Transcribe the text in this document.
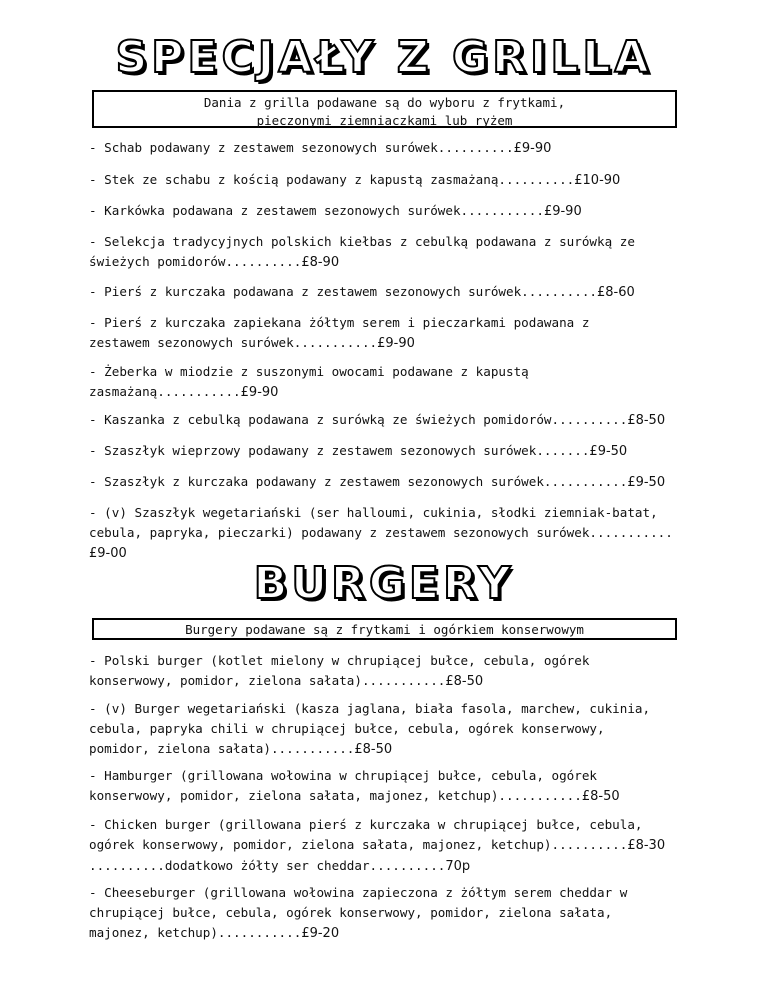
SPECJAŁY Z GRILLA
Dania z grilla podawane są do wyboru z frytkami,
pieczonymi ziemniaczkami lub ryżem
- Schab podawany z zestawem sezonowych surówek..........£9-90
- Stek ze schabu z kością podawany z kapustą zasmażaną..........£10-90
- Karkówka podawana z zestawem sezonowych surówek...........£9-90
- Selekcja tradycyjnych polskich kiełbas z cebulką podawana z surówką ze
świeżych pomidorów..........£8-90
- Pierś z kurczaka podawana z zestawem sezonowych surówek..........£8-60
- Pierś z kurczaka zapiekana żółtym serem i pieczarkami podawana z
zestawem sezonowych surówek...........£9-90
- Żeberka w miodzie z suszonymi owocami podawane z kapustą
zasmażaną...........£9-90
- Kaszanka z cebulką podawana z surówką ze świeżych pomidorów..........£8-50
- Szaszłyk wieprzowy podawany z zestawem sezonowych surówek.......£9-50
- Szaszłyk z kurczaka podawany z zestawem sezonowych surówek...........£9-50
- (v) Szaszłyk wegetariański (ser halloumi, cukinia, słodki ziemniak-batat,
cebula, papryka, pieczarki) podawany z zestawem sezonowych surówek...........£9-00
BURGERY
Burgery podawane są z frytkami i ogórkiem konserwowym
- Polski burger (kotlet mielony w chrupiącej bułce, cebula, ogórek
konserwowy, pomidor, zielona sałata)...........£8-50
- (v) Burger wegetariański (kasza jaglana, biała fasola, marchew, cukinia,
cebula, papryka chili w chrupiącej bułce, cebula, ogórek konserwowy,
pomidor, zielona sałata)...........£8-50
- Hamburger (grillowana wołowina w chrupiącej bułce, cebula, ogórek
konserwowy, pomidor, zielona sałata, majonez, ketchup)...........£8-50
- Chicken burger (grillowana pierś z kurczaka w chrupiącej bułce, cebula,
ogórek konserwowy, pomidor, zielona sałata, majonez, ketchup)..........£8-30
..........dodatkowo żółty ser cheddar..........70p
- Cheeseburger (grillowana wołowina zapieczona z żółtym serem cheddar w
chrupiącej bułce, cebula, ogórek konserwowy, pomidor, zielona sałata,
majonez, ketchup)...........£9-20
